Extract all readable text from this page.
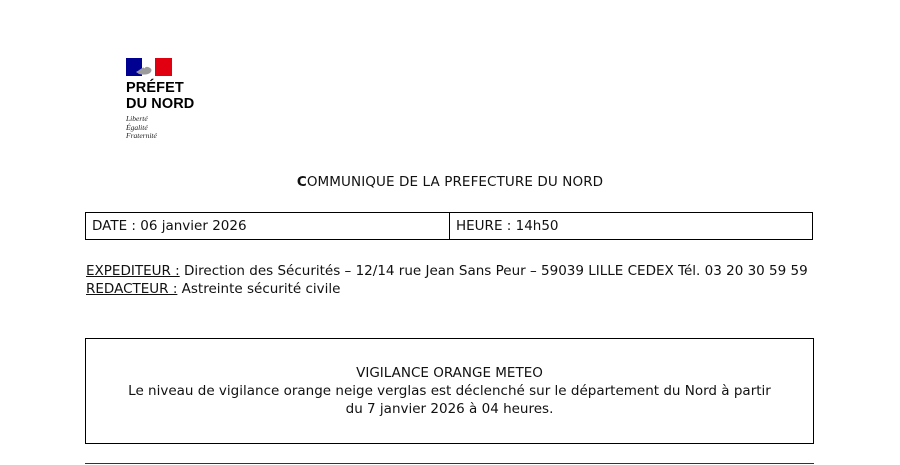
PRÉFET
DU NORD
Liberté
Égalité
Fraternité
COMMUNIQUE DE LA PREFECTURE DU NORD
DATE : 06 janvier 2026	HEURE : 14h50
EXPEDITEUR : Direction des Sécurités – 12/14 rue Jean Sans Peur – 59039 LILLE CEDEX Tél. 03 20 30 59 59
REDACTEUR : Astreinte sécurité civile
VIGILANCE ORANGE METEO
Le niveau de vigilance orange neige verglas est déclenché sur le département du Nord à partir
du 7 janvier 2026 à 04 heures.
